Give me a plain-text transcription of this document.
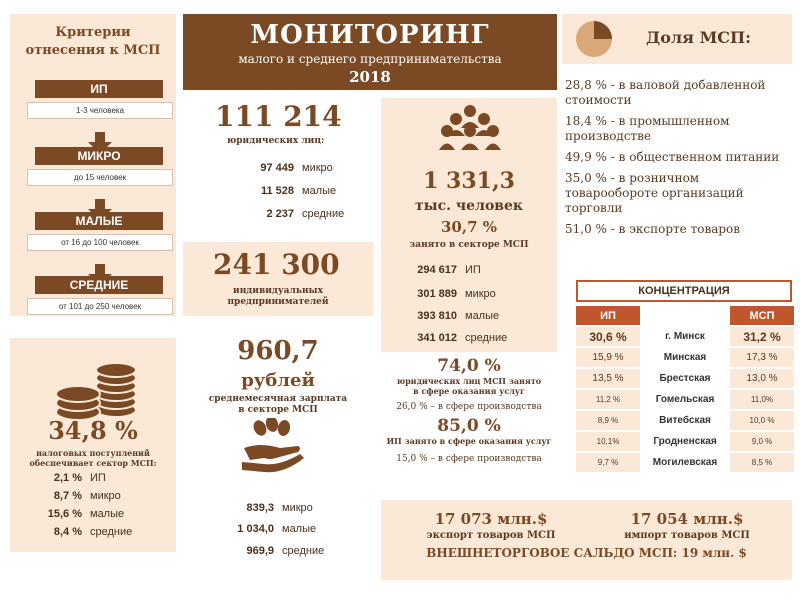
Критерии
отнесения к МСП
ИП
1-3 человека
МИКРО
до 15 человек
МАЛЫЕ
от 16 до 100 человек
СРЕДНИЕ
от 101 до 250 человек
МОНИТОРИНГ
малого и среднего предпринимательства
2018
111 214
юридических лиц:
97 449 микро
11 528 малые
2 237 средние
241 300
индивидуальных
предпринимателей
1 331,3
тыс. человек
30,7 %
занято в секторе МСП
294 617 ИП
301 889 микро
393 810 малые
341 012 средние
Доля МСП:
28,8 % - в валовой добавленной стоимости
18,4 % - в промышленном производстве
49,9 % - в общественном питании
35,0 % - в розничном товарообороте организаций торговли
51,0 % - в экспорте товаров
34,8 %
налоговых поступлений
обеспечивает сектор МСП:
2,1 % ИП
8,7 % микро
15,6 % малые
8,4 % средние
960,7
рублей
среднемесячная зарплата
в секторе МСП
839,3 микро
1 034,0 малые
969,9 средние
74,0 %
юридических лиц МСП занято
в сфере оказания услуг
26,0 % – в сфере производства
85,0 %
ИП занято в сфере оказания услуг
15,0 % – в сфере производства
КОНЦЕНТРАЦИЯ
ИП		МСП
30,6 %	г. Минск	31,2 %
15,9 %	Минская	17,3 %
13,5 %	Брестская	13,0 %
11,2 %	Гомельская	11,0%
8,9 %	Витебская	10,0 %
10,1%	Гродненская	9,0 %
9,7 %	Могилевская	8,5 %
17 073 млн.$
экспорт товаров МСП
17 054 млн.$
импорт товаров МСП
ВНЕШНЕТОРГОВОЕ САЛЬДО МСП: 19 млн. $
